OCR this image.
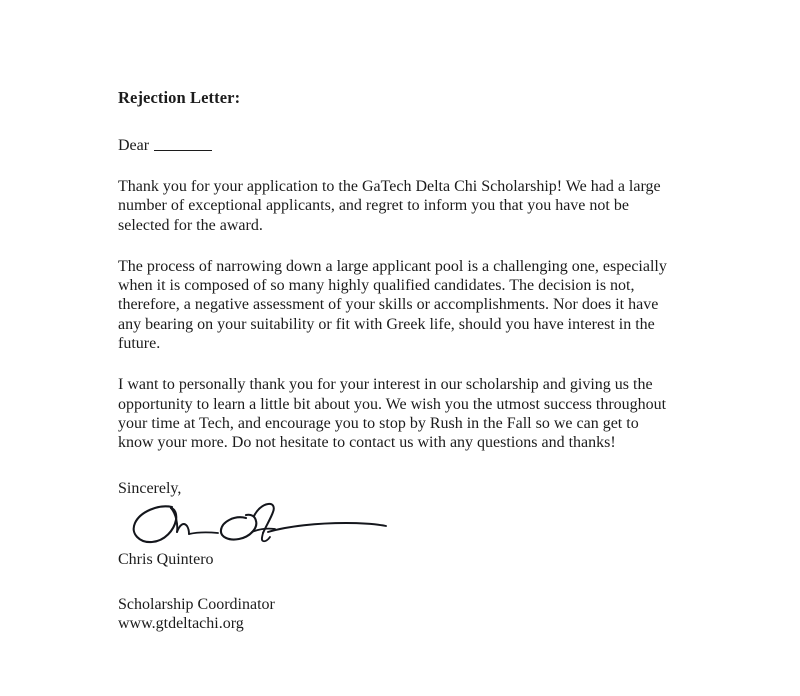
Rejection Letter:

Dear

Thank you for your application to the GaTech Delta Chi Scholarship! We had a large number of exceptional applicants, and regret to inform you that you have not be selected for the award.

The process of narrowing down a large applicant pool is a challenging one, especially when it is composed of so many highly qualified candidates. The decision is not, therefore, a negative assessment of your skills or accomplishments. Nor does it have any bearing on your suitability or fit with Greek life, should you have interest in the future.

I want to personally thank you for your interest in our scholarship and giving us the opportunity to learn a little bit about you. We wish you the utmost success throughout your time at Tech, and encourage you to stop by Rush in the Fall so we can get to know your more. Do not hesitate to contact us with any questions and thanks!

Sincerely,

Chris Quintero

Scholarship Coordinator

www.gtdeltachi.org
